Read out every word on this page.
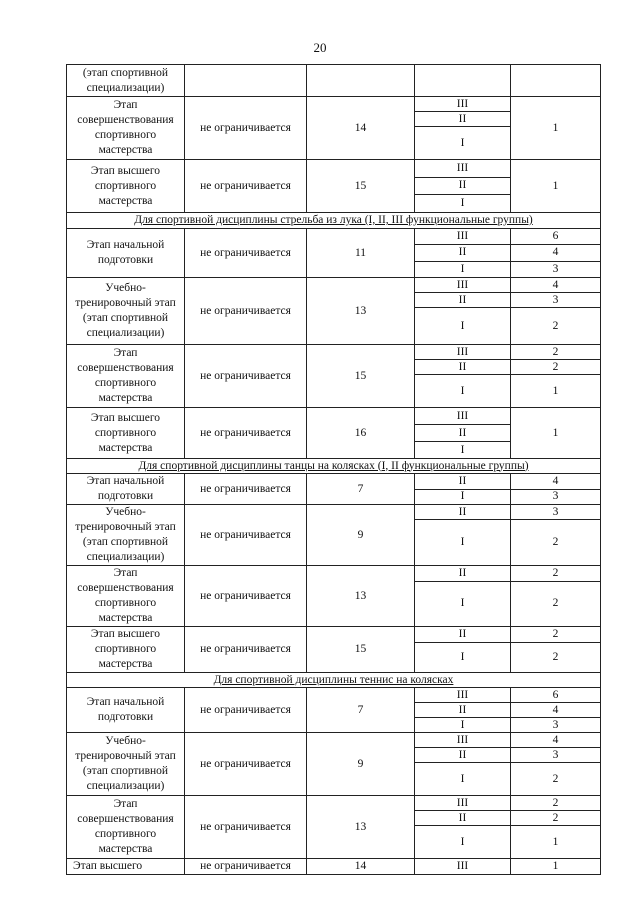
20
(этап спортивной специализации)				
Этап совершенствования спортивного мастерства	не ограничивается	14	III	1
			II	
			I	
Этап высшего спортивного мастерства	не ограничивается	15	III	1
			II	
			I	
Для спортивной дисциплины стрельба из лука (I, II, III функциональные группы)				
Этап начальной подготовки	не ограничивается	11	III	6
			II	4
			I	3
Учебно-тренировочный этап (этап спортивной специализации)	не ограничивается	13	III	4
			II	3
			I	2
Этап совершенствования спортивного мастерства	не ограничивается	15	III	2
			II	2
			I	1
Этап высшего спортивного мастерства	не ограничивается	16	III	1
			II	
			I	
Для спортивной дисциплины танцы на колясках (I, II функциональные группы)				
Этап начальной подготовки	не ограничивается	7	II	4
			I	3
Учебно-тренировочный этап (этап спортивной специализации)	не ограничивается	9	II	3
			I	2
Этап совершенствования спортивного мастерства	не ограничивается	13	II	2
			I	2
Этап высшего спортивного мастерства	не ограничивается	15	II	2
			I	2
Для спортивной дисциплины теннис на колясках				
Этап начальной подготовки	не ограничивается	7	III	6
			II	4
			I	3
Учебно-тренировочный этап (этап спортивной специализации)	не ограничивается	9	III	4
			II	3
			I	2
Этап совершенствования спортивного мастерства	не ограничивается	13	III	2
			II	2
			I	1
Этап высшего	не ограничивается	14	III	1
